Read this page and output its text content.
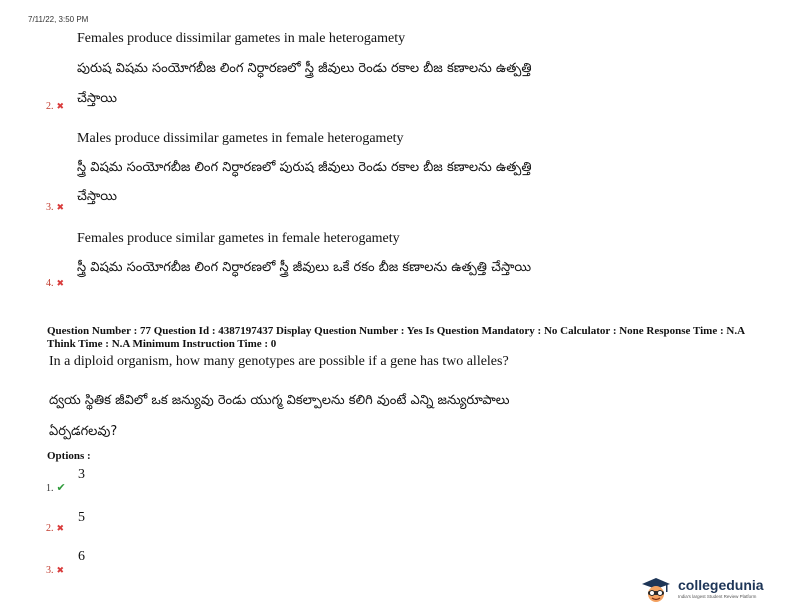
7/11/22, 3:50 PM
Females produce dissimilar gametes in male heterogamety
పురుష విషమ సంయోగబీజ లింగ నిర్ధారణలో స్త్రీ జీవులు రెండు రకాల బీజ కణాలను ఉత్పత్తి
చేస్తాయి
2. ✖
Males produce dissimilar gametes in female heterogamety
స్త్రీ విషమ సంయోగబీజ లింగ నిర్ధారణలో పురుష జీవులు రెండు రకాల బీజ కణాలను ఉత్పత్తి
చేస్తాయి
3. ✖
Females produce similar gametes in female heterogamety
స్త్రీ విషమ సంయోగబీజ లింగ నిర్ధారణలో స్త్రీ జీవులు ఒకే రకం బీజ కణాలను ఉత్పత్తి చేస్తాయి
4. ✖
Question Number : 77 Question Id : 4387197437 Display Question Number : Yes Is Question Mandatory : No Calculator : None Response Time : N.A Think Time : N.A Minimum Instruction Time : 0
In a diploid organism, how many genotypes are possible if a gene has two alleles?
ద్వయ స్థితిక జీవిలో ఒక జన్యువు రెండు యుగ్మ వికల్పాలను కలిగి వుంటే ఎన్ని జన్యురూపాలు
ఏర్పడగలవు?
Options :
1. ✔
3
2. ✖
5
3. ✖
6
collegedunia
India's largest Student Review Platform
